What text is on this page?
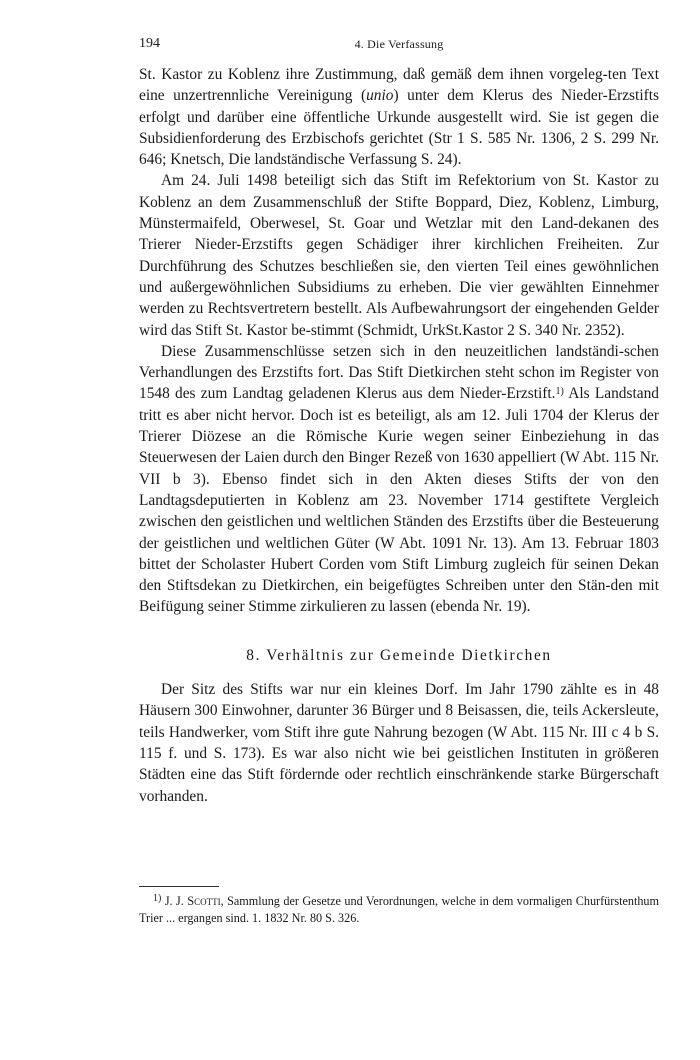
194	4. Die Verfassung

St. Kastor zu Koblenz ihre Zustimmung, daß gemäß dem ihnen vorgeleg-ten Text eine unzertrennliche Vereinigung (unio) unter dem Klerus des Nieder-Erzstifts erfolgt und darüber eine öffentliche Urkunde ausgestellt wird. Sie ist gegen die Subsidienforderung des Erzbischofs gerichtet (Str 1 S. 585 Nr. 1306, 2 S. 299 Nr. 646; Knetsch, Die landständische Verfassung S. 24).

Am 24. Juli 1498 beteiligt sich das Stift im Refektorium von St. Kastor zu Koblenz an dem Zusammenschluß der Stifte Boppard, Diez, Koblenz, Limburg, Münstermaifeld, Oberwesel, St. Goar und Wetzlar mit den Land-dekanen des Trierer Nieder-Erzstifts gegen Schädiger ihrer kirchlichen Freiheiten. Zur Durchführung des Schutzes beschließen sie, den vierten Teil eines gewöhnlichen und außergewöhnlichen Subsidiums zu erheben. Die vier gewählten Einnehmer werden zu Rechtsvertretern bestellt. Als Aufbewahrungsort der eingehenden Gelder wird das Stift St. Kastor be-stimmt (Schmidt, UrkSt.Kastor 2 S. 340 Nr. 2352).

Diese Zusammenschlüsse setzen sich in den neuzeitlichen landständi-schen Verhandlungen des Erzstifts fort. Das Stift Dietkirchen steht schon im Register von 1548 des zum Landtag geladenen Klerus aus dem Nieder-Erzstift.$^{1)}$ Als Landstand tritt es aber nicht hervor. Doch ist es beteiligt, als am 12. Juli 1704 der Klerus der Trierer Diözese an die Römische Kurie wegen seiner Einbeziehung in das Steuerwesen der Laien durch den Binger Rezeß von 1630 appelliert (W Abt. 115 Nr. VII b 3). Ebenso findet sich in den Akten dieses Stifts der von den Landtagsdeputierten in Koblenz am 23. November 1714 gestiftete Vergleich zwischen den geistlichen und weltlichen Ständen des Erzstifts über die Besteuerung der geistlichen und weltlichen Güter (W Abt. 1091 Nr. 13). Am 13. Februar 1803 bittet der Scholaster Hubert Corden vom Stift Limburg zugleich für seinen Dekan den Stiftsdekan zu Dietkirchen, ein beigefügtes Schreiben unter den Stän-den mit Beifügung seiner Stimme zirkulieren zu lassen (ebenda Nr. 19).

8. Verhältnis zur Gemeinde Dietkirchen

Der Sitz des Stifts war nur ein kleines Dorf. Im Jahr 1790 zählte es in 48 Häusern 300 Einwohner, darunter 36 Bürger und 8 Beisassen, die, teils Ackersleute, teils Handwerker, vom Stift ihre gute Nahrung bezogen (W Abt. 115 Nr. III c 4 b S. 115 f. und S. 173). Es war also nicht wie bei geistlichen Instituten in größeren Städten eine das Stift fördernde oder rechtlich einschränkende starke Bürgerschaft vorhanden.

$^{1)}$ J. J. Scotti, Sammlung der Gesetze und Verordnungen, welche in dem vormaligen Churfürstenthum Trier ... ergangen sind. 1. 1832 Nr. 80 S. 326.
